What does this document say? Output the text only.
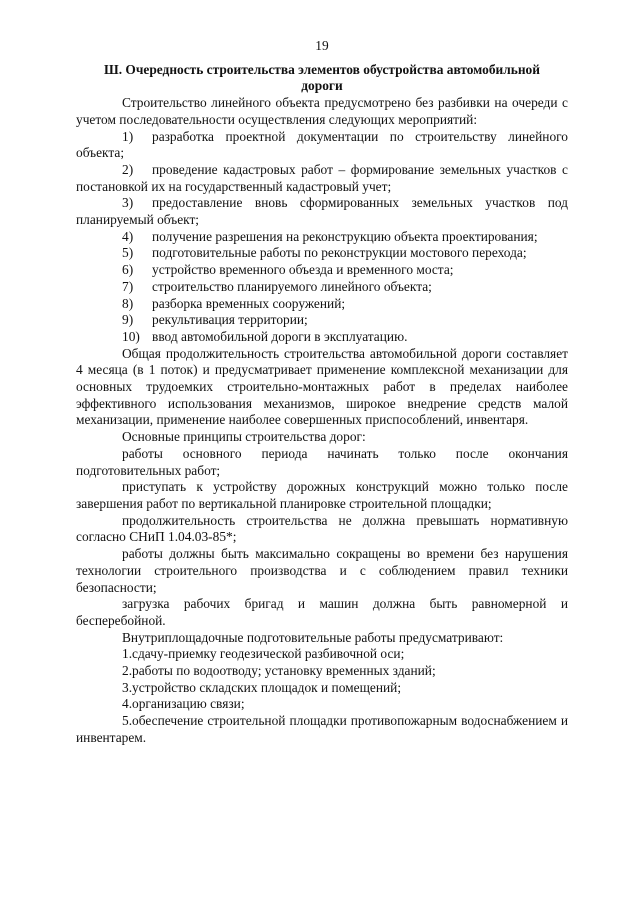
19
Ш. Очередность строительства элементов обустройства автомобильной
дороги

Строительство линейного объекта предусмотрено без разбивки на очереди с учетом последовательности осуществления следующих мероприятий:

1) разработка проектной документации по строительству линейного объекта;
2) проведение кадастровых работ – формирование земельных участков с постановкой их на государственный кадастровый учет;
3) предоставление вновь сформированных земельных участков под планируемый объект;
4) получение разрешения на реконструкцию объекта проектирования;
5) подготовительные работы по реконструкции мостового перехода;
6) устройство временного объезда и временного моста;
7) строительство планируемого линейного объекта;
8) разборка временных сооружений;
9) рекультивация территории;
10) ввод автомобильной дороги в эксплуатацию.

Общая продолжительность строительства автомобильной дороги составляет 4 месяца (в 1 поток) и предусматривает применение комплексной механизации для основных трудоемких строительно-монтажных работ в пределах наиболее эффективного использования механизмов, широкое внедрение средств малой механизации, применение наиболее совершенных приспособлений, инвентаря.

Основные принципы строительства дорог:

работы основного периода начинать только после окончания подготовительных работ;

приступать к устройству дорожных конструкций можно только после завершения работ по вертикальной планировке строительной площадки;

продолжительность строительства не должна превышать нормативную согласно СНиП 1.04.03-85*;

работы должны быть максимально сокращены во времени без нарушения технологии строительного производства и с соблюдением правил техники безопасности;

загрузка рабочих бригад и машин должна быть равномерной и бесперебойной.

Внутриплощадочные подготовительные работы предусматривают:

1.сдачу-приемку геодезической разбивочной оси;

2.работы по водоотводу; установку временных зданий;

3.устройство складских площадок и помещений;

4.организацию связи;

5.обеспечение строительной площадки противопожарным водоснабжением и инвентарем.
